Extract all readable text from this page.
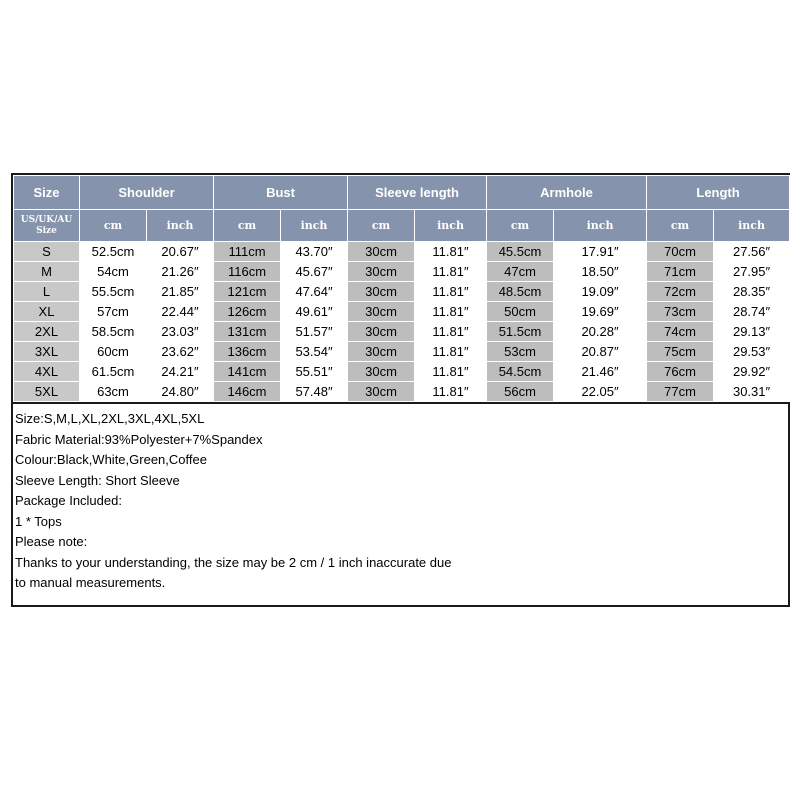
Size	Shoulder		Bust		Sleeve length		Armhole		Length	

US/UK/AU
Size	cm	inch	cm	inch	cm	inch	cm	inch	cm	inch
S	52.5cm	20.67″	111cm	43.70″	30cm	11.81″	45.5cm	17.91″	70cm	27.56″
M	54cm	21.26″	116cm	45.67″	30cm	11.81″	47cm	18.50″	71cm	27.95″
L	55.5cm	21.85″	121cm	47.64″	30cm	11.81″	48.5cm	19.09″	72cm	28.35″
XL	57cm	22.44″	126cm	49.61″	30cm	11.81″	50cm	19.69″	73cm	28.74″
2XL	58.5cm	23.03″	131cm	51.57″	30cm	11.81″	51.5cm	20.28″	74cm	29.13″
3XL	60cm	23.62″	136cm	53.54″	30cm	11.81″	53cm	20.87″	75cm	29.53″
4XL	61.5cm	24.21″	141cm	55.51″	30cm	11.81″	54.5cm	21.46″	76cm	29.92″
5XL	63cm	24.80″	146cm	57.48″	30cm	11.81″	56cm	22.05″	77cm	30.31″
Size:S,M,L,XL,2XL,3XL,4XL,5XL
Fabric Material:93%Polyester+7%Spandex
Colour:Black,White,Green,Coffee
Sleeve Length: Short Sleeve
Package Included:
1 * Tops
Please note:
Thanks to your understanding, the size may be 2 cm / 1 inch inaccurate due
to manual measurements.
